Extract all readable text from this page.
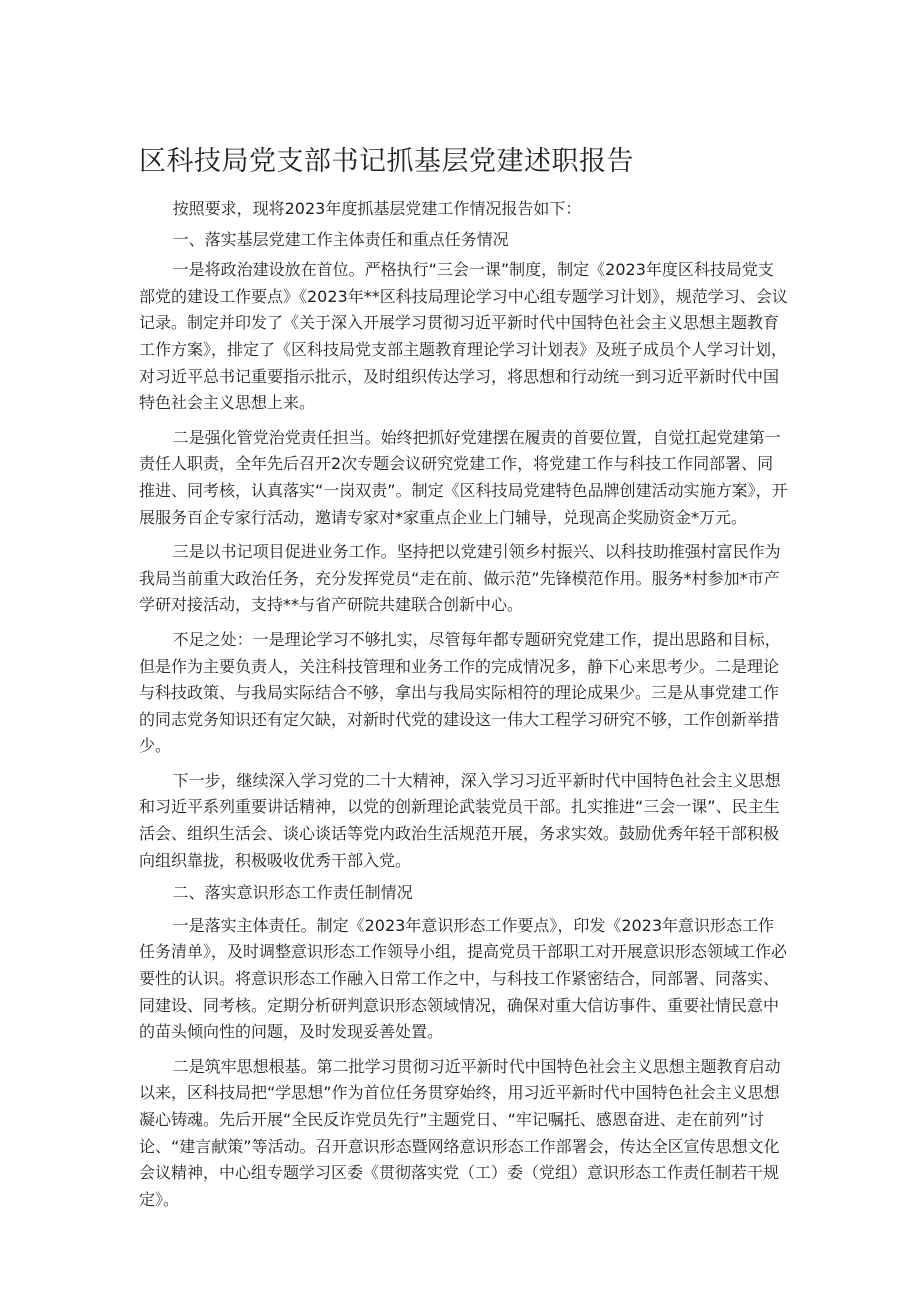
区科技局党支部书记抓基层党建述职报告

按照要求，现将2023年度抓基层党建工作情况报告如下：

一、落实基层党建工作主体责任和重点任务情况

一是将政治建设放在首位。严格执行“三会一课”制度，制定《2023年度区科技局党支部党的建设工作要点》《2023年**区科技局理论学习中心组专题学习计划》，规范学习、会议记录。制定并印发了《关于深入开展学习贯彻习近平新时代中国特色社会主义思想主题教育工作方案》，排定了《区科技局党支部主题教育理论学习计划表》及班子成员个人学习计划，对习近平总书记重要指示批示，及时组织传达学习，将思想和行动统一到习近平新时代中国特色社会主义思想上来。

二是强化管党治党责任担当。始终把抓好党建摆在履责的首要位置，自觉扛起党建第一责任人职责，全年先后召开2次专题会议研究党建工作，将党建工作与科技工作同部署、同推进、同考核，认真落实“一岗双责”。制定《区科技局党建特色品牌创建活动实施方案》，开展服务百企专家行活动，邀请专家对*家重点企业上门辅导，兑现高企奖励资金*万元。

三是以书记项目促进业务工作。坚持把以党建引领乡村振兴、以科技助推强村富民作为我局当前重大政治任务，充分发挥党员“走在前、做示范”先锋模范作用。服务*村参加*市产学研对接活动，支持**与省产研院共建联合创新中心。

不足之处：一是理论学习不够扎实，尽管每年都专题研究党建工作，提出思路和目标，但是作为主要负责人，关注科技管理和业务工作的完成情况多，静下心来思考少。二是理论与科技政策、与我局实际结合不够，拿出与我局实际相符的理论成果少。三是从事党建工作的同志党务知识还有定欠缺，对新时代党的建设这一伟大工程学习研究不够，工作创新举措少。

下一步，继续深入学习党的二十大精神，深入学习习近平新时代中国特色社会主义思想和习近平系列重要讲话精神，以党的创新理论武装党员干部。扎实推进“三会一课”、民主生活会、组织生活会、谈心谈话等党内政治生活规范开展，务求实效。鼓励优秀年轻干部积极向组织靠拢，积极吸收优秀干部入党。

二、落实意识形态工作责任制情况

一是落实主体责任。制定《2023年意识形态工作要点》，印发《2023年意识形态工作任务清单》，及时调整意识形态工作领导小组，提高党员干部职工对开展意识形态领域工作必要性的认识。将意识形态工作融入日常工作之中，与科技工作紧密结合，同部署、同落实、同建设、同考核。定期分析研判意识形态领域情况，确保对重大信访事件、重要社情民意中的苗头倾向性的问题，及时发现妥善处置。

二是筑牢思想根基。第二批学习贯彻习近平新时代中国特色社会主义思想主题教育启动以来，区科技局把“学思想”作为首位任务贯穿始终，用习近平新时代中国特色社会主义思想凝心铸魂。先后开展“全民反诈党员先行”主题党日、“牢记嘱托、感恩奋进、走在前列”讨论、“建言献策”等活动。召开意识形态暨网络意识形态工作部署会，传达全区宣传思想文化会议精神，中心组专题学习区委《贯彻落实党（工）委（党组）意识形态工作责任制若干规定》。
